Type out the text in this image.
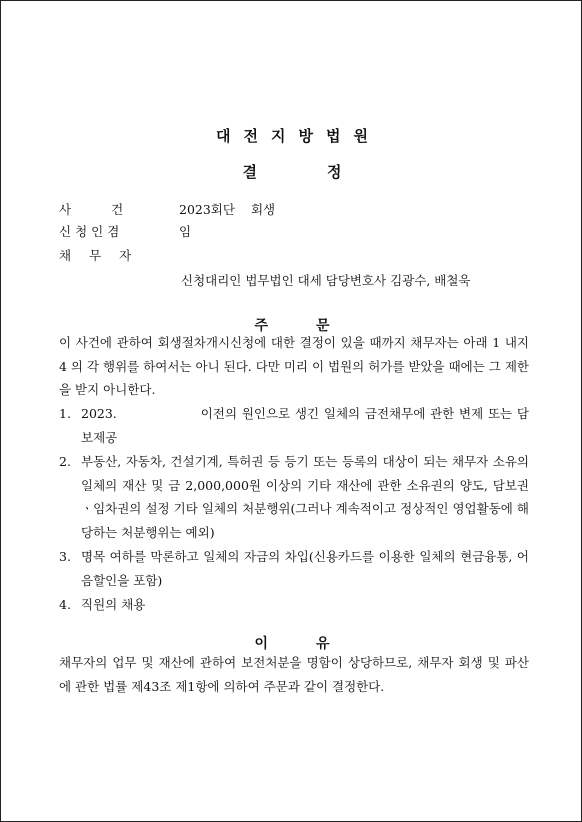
대전지방법원
결정
사건 2023회단 회생
신청인겸	임
채무자
신청대리인 법무법인 대세 담당변호사 김광수, 배철욱
주문

이 사건에 관하여 회생절차개시신청에 대한 결정이 있을 때까지 채무자는 아래 1 내지 4 의 각 행위를 하여서는 아니 된다. 다만 미리 이 법원의 허가를 받았을 때에는 그 제한을 받지 아니한다.

1. 2023.	이전의 원인으로 생긴 일체의 금전채무에 관한 변제 또는 담보제공
2. 부동산, 자동차, 건설기계, 특허권 등 등기 또는 등록의 대상이 되는 채무자 소유의 일체의 재산 및 금 2,000,000원 이상의 기타 재산에 관한 소유권의 양도, 담보권ㆍ임차권의 설정 기타 일체의 처분행위(그러나 계속적이고 정상적인 영업활동에 해당하는 처분행위는 예외)
3. 명목 여하를 막론하고 일체의 자금의 차입(신용카드를 이용한 일체의 현금융통, 어음할인을 포함)
4. 직원의 채용
이유

채무자의 업무 및 재산에 관하여 보전처분을 명함이 상당하므로, 채무자 회생 및 파산에 관한 법률 제43조 제1항에 의하여 주문과 같이 결정한다.
